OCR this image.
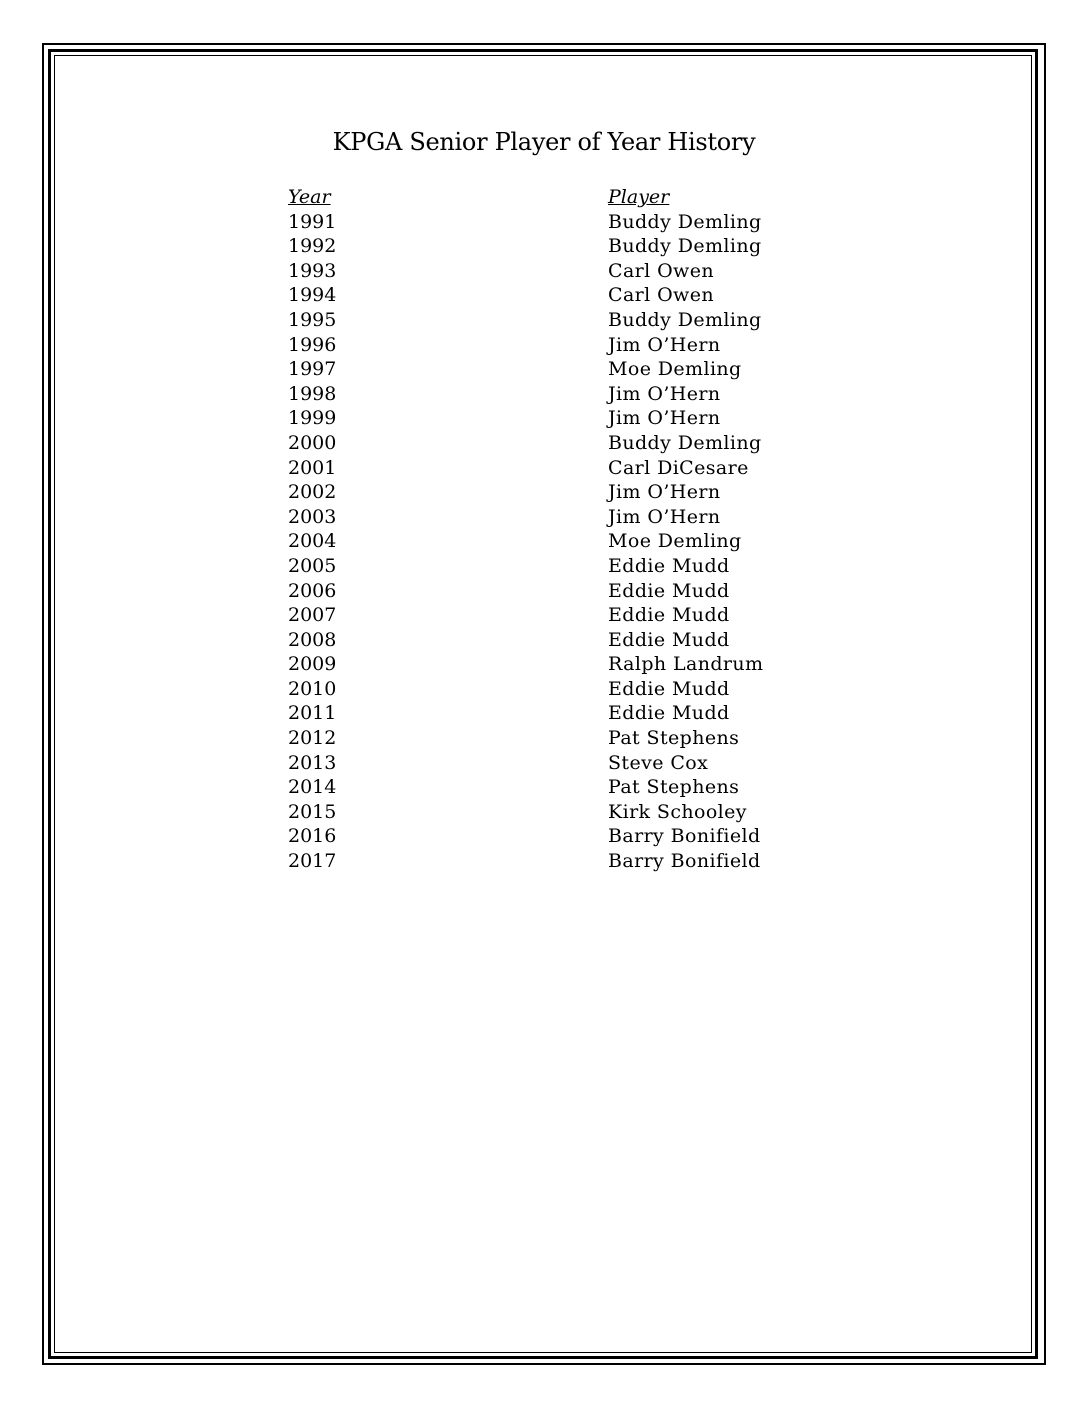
KPGA Senior Player of Year History
Year	Player
1991	Buddy Demling
1992	Buddy Demling
1993	Carl Owen
1994	Carl Owen
1995	Buddy Demling
1996	Jim O’Hern
1997	Moe Demling
1998	Jim O’Hern
1999	Jim O’Hern
2000	Buddy Demling
2001	Carl DiCesare
2002	Jim O’Hern
2003	Jim O’Hern
2004	Moe Demling
2005	Eddie Mudd
2006	Eddie Mudd
2007	Eddie Mudd
2008	Eddie Mudd
2009	Ralph Landrum
2010	Eddie Mudd
2011	Eddie Mudd
2012	Pat Stephens
2013	Steve Cox
2014	Pat Stephens
2015	Kirk Schooley
2016	Barry Bonifield
2017	Barry Bonifield
